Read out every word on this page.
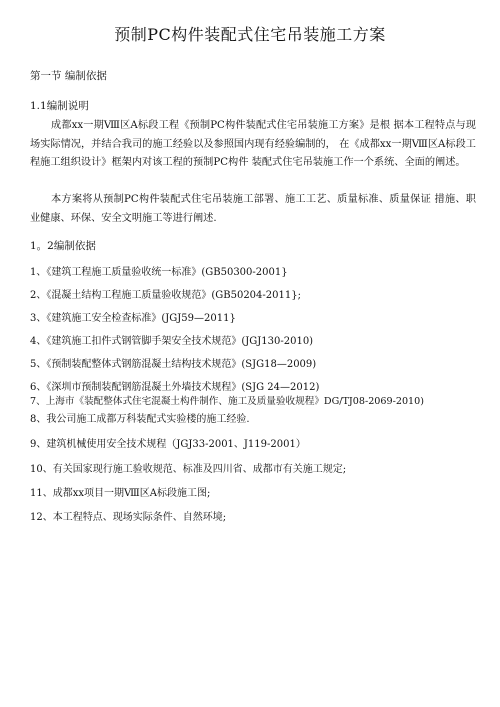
预制PC构件装配式住宅吊装施工方案
第一节 编制依据
1.1编制说明
成都xx一期Ⅷ区A标段工程《预制PC构件装配式住宅吊装施工方案》是根 据本工程特点与现场实际情况，并结合我司的施工经验以及参照国内现有经验编制的， 在《成都xx一期Ⅷ区A标段工程施工组织设计》框架内对该工程的预制PC构件 装配式住宅吊装施工作一个系统、全面的阐述。
本方案将从预制PC构件装配式住宅吊装施工部署、施工工艺、质量标准、质量保证 措施、职业健康、环保、安全文明施工等进行阐述.
1。2编制依据
1、《建筑工程施工质量验收统一标准》(GB50300-2001}
2、《混凝土结构工程施工质量验收规范》(GB50204-2011};
3、《建筑施工安全检查标准》(JGJ59—2011}
4、《建筑施工扣件式钢管脚手架安全技术规范》(JGJ130-2010)
5、《预制装配整体式钢筋混凝土结构技术规范》(SJG18—2009)
6、《深圳市预制装配钢筋混凝土外墙技术规程》(SJG 24—2012)
7、上海市《装配整体式住宅混凝土构件制作、施工及质量验收规程》DG/TJ08-2069-2010)
8、我公司施工成都万科装配式实验楼的施工经验.
9、建筑机械使用安全技术规程（JGJ33-2001、J119-2001）
10、有关国家现行施工验收规范、标准及四川省、成都市有关施工规定;
11、成都xx项目一期Ⅷ区A标段施工图;
12、本工程特点、现场实际条件、自然环境;
